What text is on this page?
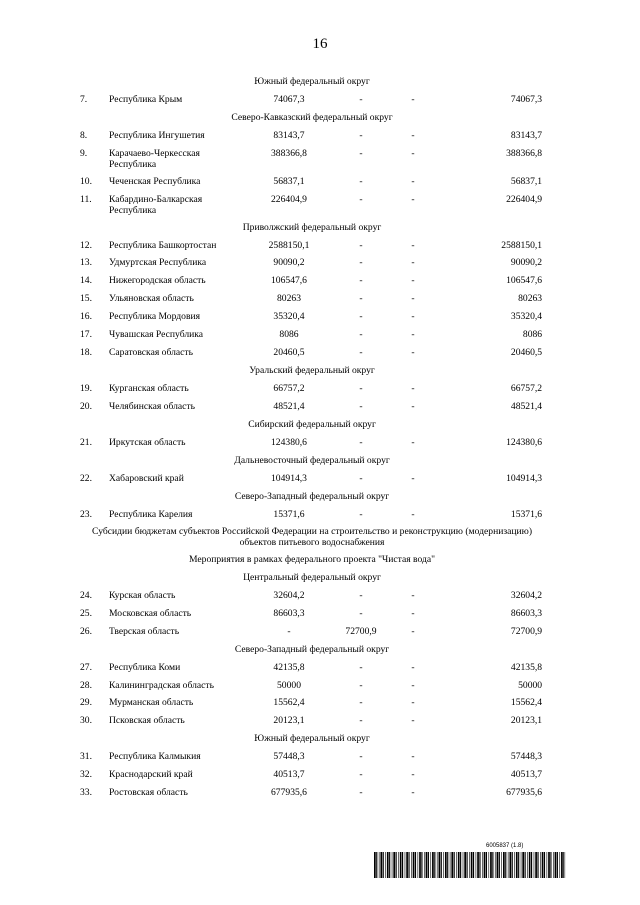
16
Южный федеральный округ					
7.	Республика Крым	74067,3	-	-	74067,3
Северо-Кавказский федеральный округ					
8.	Республика Ингушетия	83143,7	-	-	83143,7
9.	Карачаево-Черкесская Республика	388366,8	-	-	388366,8
10.	Чеченская Республика	56837,1	-	-	56837,1
11.	Кабардино-Балкарская Республика	226404,9	-	-	226404,9
Приволжский федеральный округ					
12.	Республика Башкортостан	2588150,1	-	-	2588150,1
13.	Удмуртская Республика	90090,2	-	-	90090,2
14.	Нижегородская область	106547,6	-	-	106547,6
15.	Ульяновская область	80263	-	-	80263
16.	Республика Мордовия	35320,4	-	-	35320,4
17.	Чувашская Республика	8086	-	-	8086
18.	Саратовская область	20460,5	-	-	20460,5
Уральский федеральный округ					
19.	Курганская область	66757,2	-	-	66757,2
20.	Челябинская область	48521,4	-	-	48521,4
Сибирский федеральный округ					
21.	Иркутская область	124380,6	-	-	124380,6
Дальневосточный федеральный округ					
22.	Хабаровский край	104914,3	-	-	104914,3
Северо-Западный федеральный округ					
23.	Республика Карелия	15371,6	-	-	15371,6
Субсидии бюджетам субъектов Российской Федерации на строительство и реконструкцию (модернизацию) объектов питьевого водоснабжения					
Мероприятия в рамках федерального проекта "Чистая вода"					
Центральный федеральный округ					
24.	Курская область	32604,2	-	-	32604,2
25.	Московская область	86603,3	-	-	86603,3
26.	Тверская область	-	72700,9	-	72700,9
Северо-Западный федеральный округ					
27.	Республика Коми	42135,8	-	-	42135,8
28.	Калининградская область	50000	-	-	50000
29.	Мурманская область	15562,4	-	-	15562,4
30.	Псковская область	20123,1	-	-	20123,1
Южный федеральный округ					
31.	Республика Калмыкия	57448,3	-	-	57448,3
32.	Краснодарский край	40513,7	-	-	40513,7
33.	Ростовская область	677935,6	-	-	677935,6
6005837 (1.8)
